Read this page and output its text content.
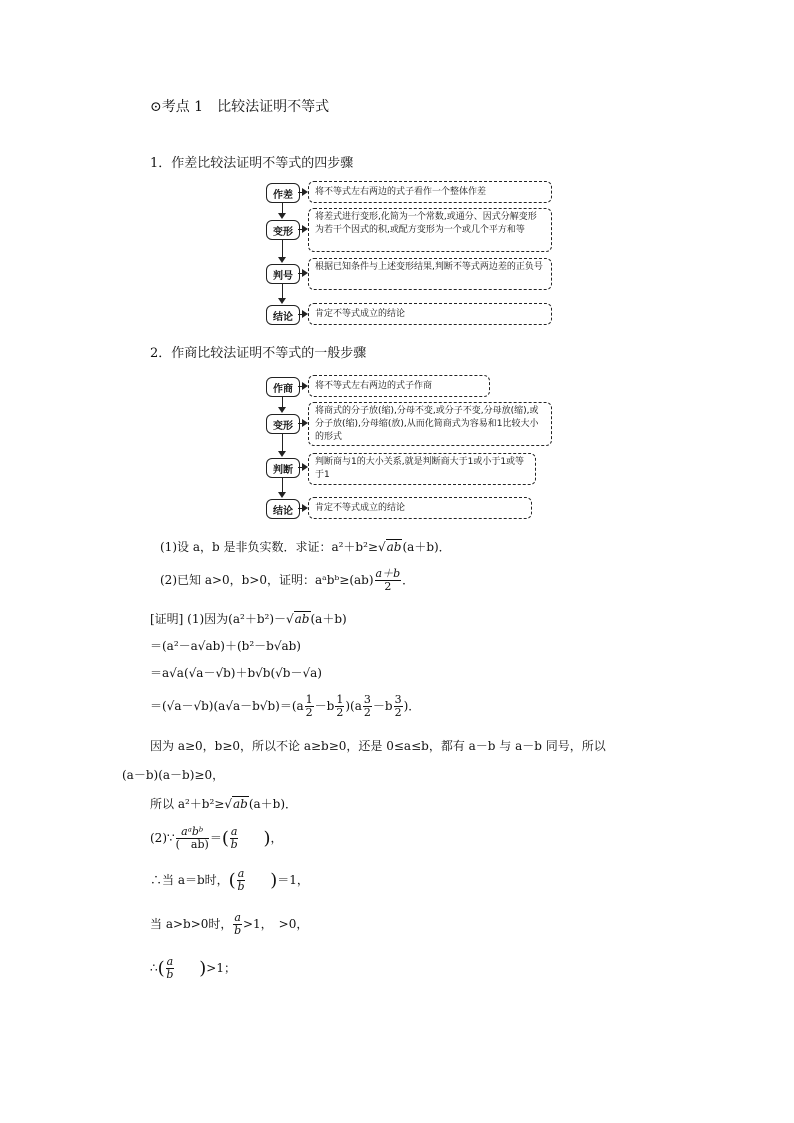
⊙考点 1　比较法证明不等式
1．作差比较法证明不等式的四步骤
作差
变形
判号
结论
将不等式左右两边的式子看作一个整体作差
将差式进行变形,化简为一个常数,或通分、因式分解变形为若干个因式的积,或配方变形为一个或几个平方和等
根据已知条件与上述变形结果,判断不等式两边差的正负号
肯定不等式成立的结论
2．作商比较法证明不等式的一般步骤
作商
变形
判断
结论
将不等式左右两边的式子作商
将商式的分子放(缩),分母不变,或分子不变,分母放(缩),或分子放(缩),分母缩(放),从而化简商式为容易和1比较大小的形式
判断商与1的大小关系,就是判断商大于1或小于1或等于1
肯定不等式成立的结论
(1)设 a，b 是非负实数．求证：a²＋b²≥√ab(a＋b)．
(2)已知 a>0，b>0，证明：aᵃbᵇ≥(ab) $\frac{a+b}{2}$ ．
[证明] (1)因为(a²＋b²)－√ab(a＋b)
＝(a²－a√ab)＋(b²－b√ab)
＝a√a(√a－√b)＋b√b(√b－√a)
$=(√a-√b)(a√a-b√b)=(a \frac{1}{2} -b \frac{1}{2} )(a \frac{3}{2} -b \frac{3}{2}$ )．
因为 a≥0，b≥0，所以不论 a≥b≥0，还是 0≤a≤b，都有 a－b 与 a－b 同号，所以
(a－b)(a－b)≥0，
所以 a²＋b²≥√ab(a＋b)．
(2)∵ $\frac{\text{aᵃbᵇ}}{( ab)}$ ＝( $\frac{a}{b}$ )，
∴当 a＝b时，( $\frac{a}{b} )=1$，
当 a>b>0时， $\frac{a}{b} >1$，　>0，
∴( $\frac{a}{b} )>1$；
